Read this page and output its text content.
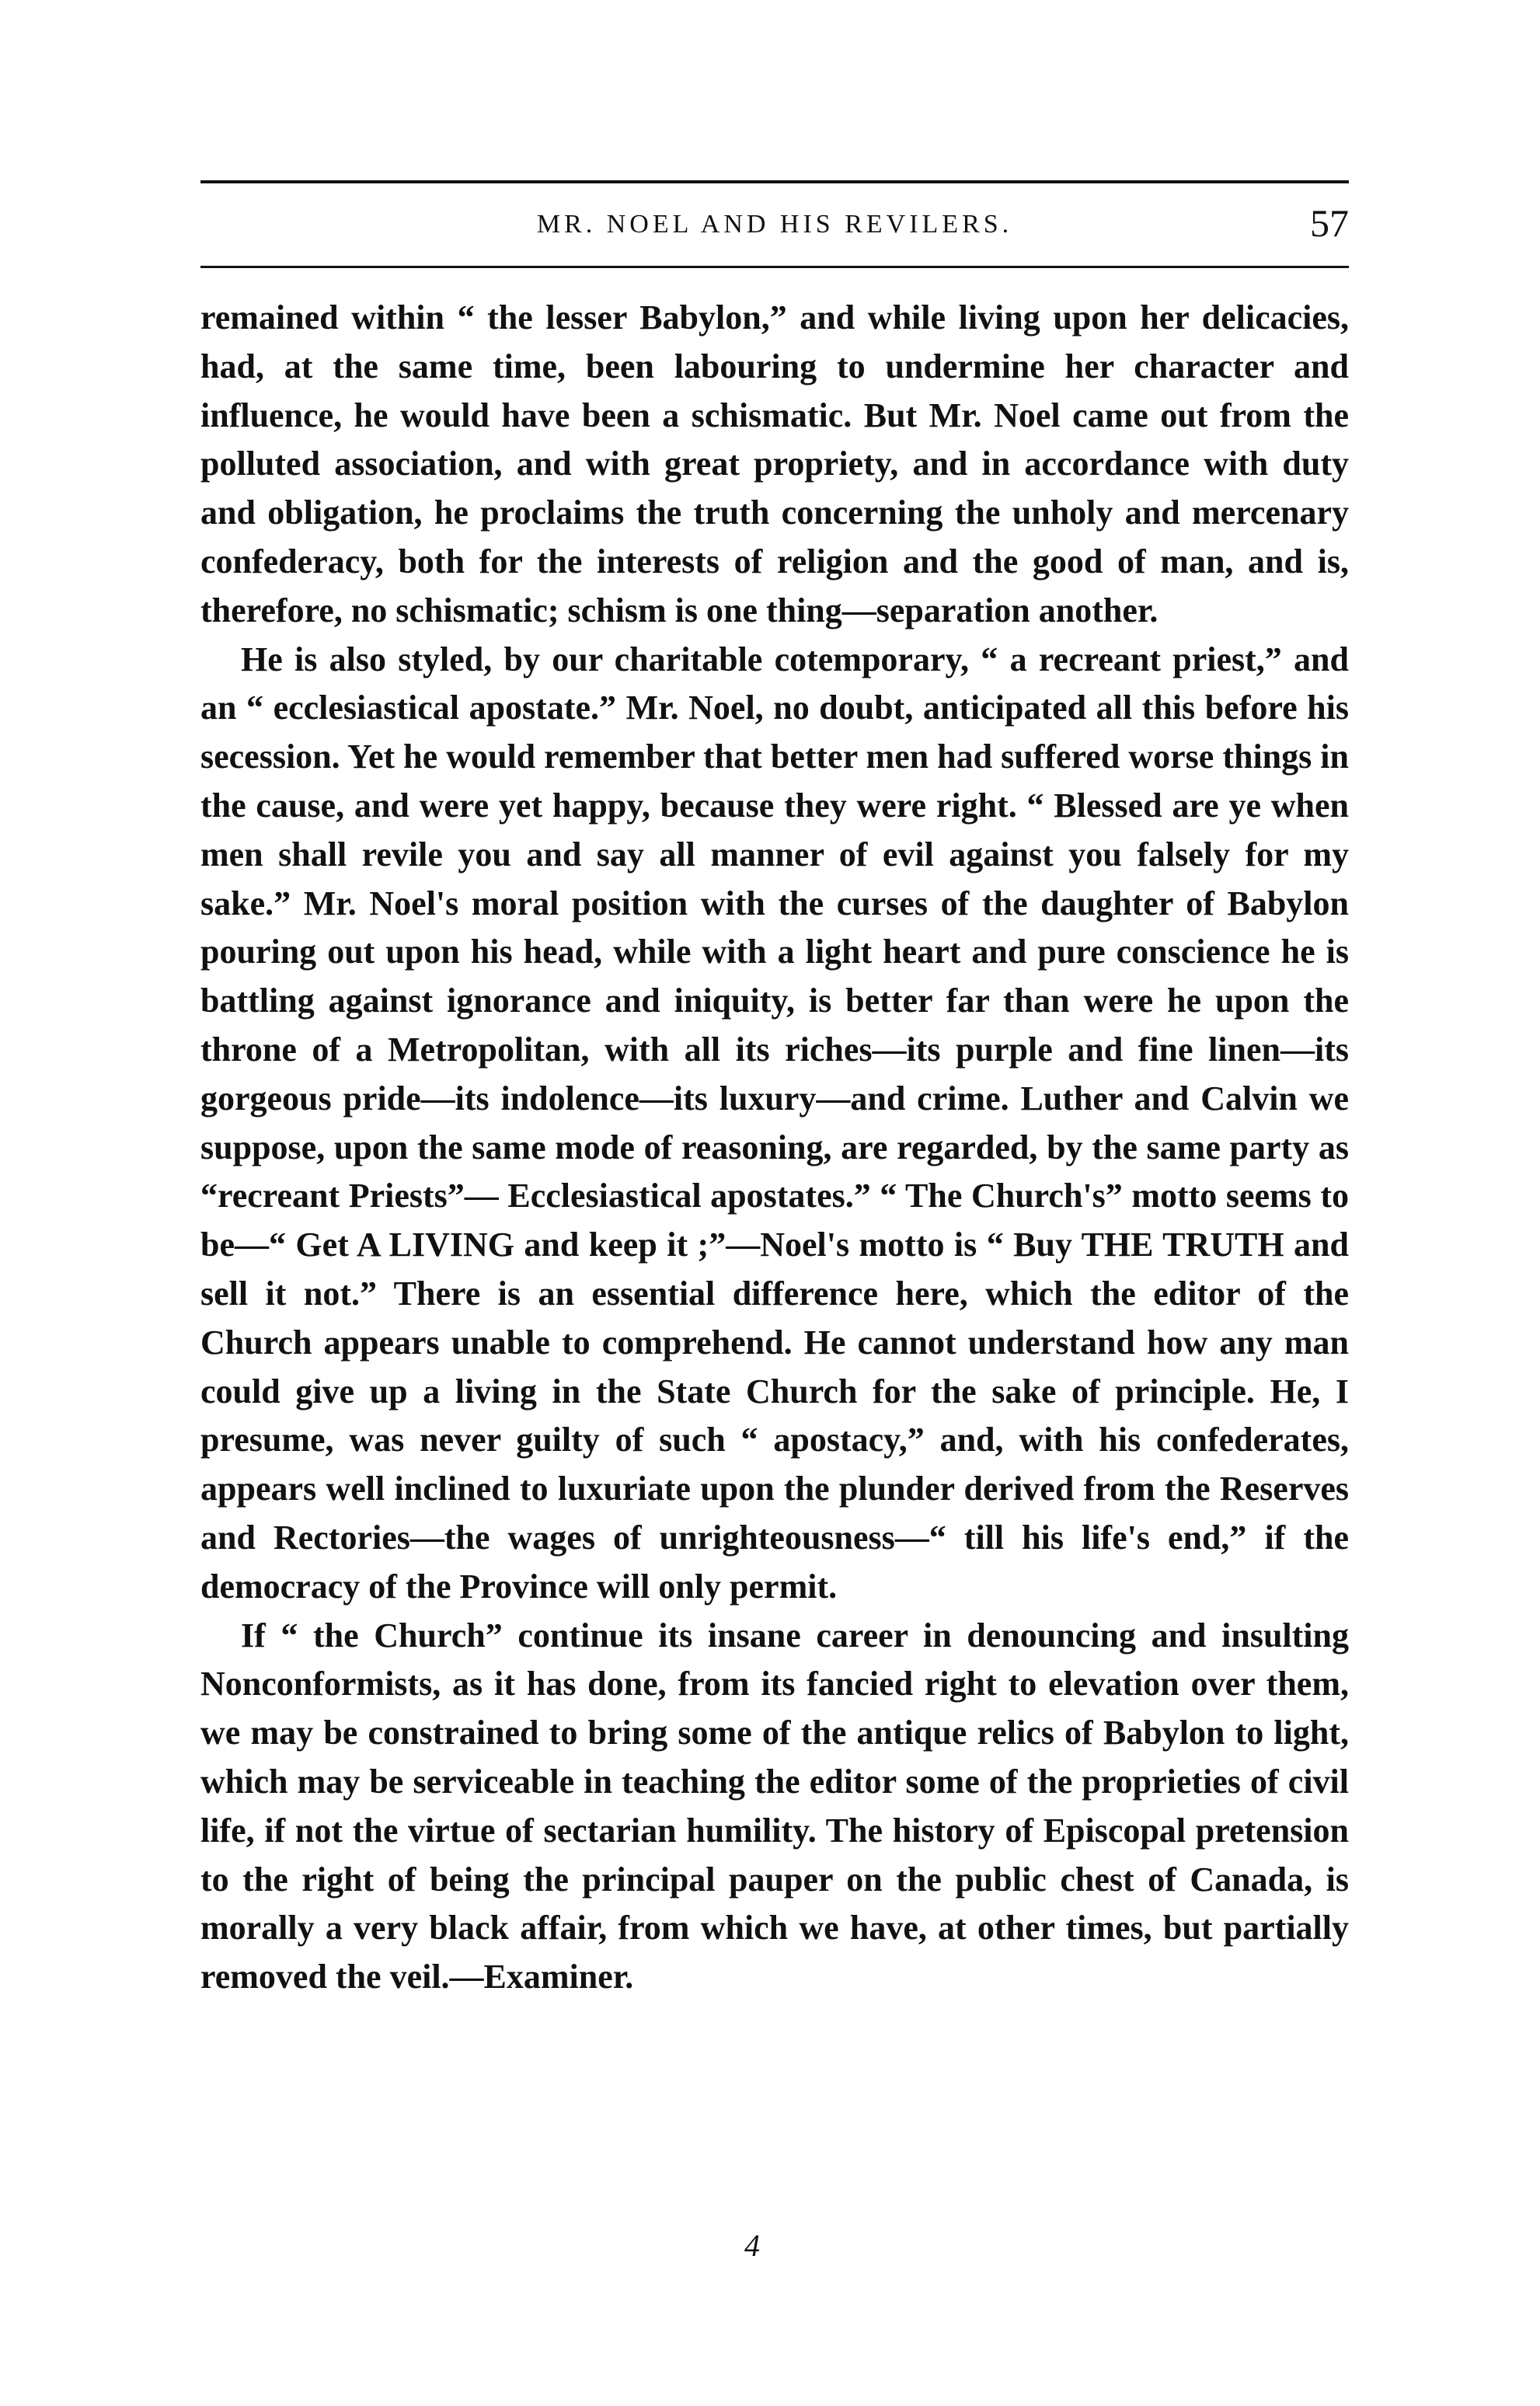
MR. NOEL AND HIS REVILERS.	57

remained within “ the lesser Babylon,” and while living upon her delicacies, had, at the same time, been labouring to undermine her character and influence, he would have been a schismatic. But Mr. Noel came out from the polluted association, and with great propriety, and in accordance with duty and obligation, he proclaims the truth concerning the unholy and mercenary confederacy, both for the interests of religion and the good of man, and is, therefore, no schismatic; schism is one thing—separation another.

He is also styled, by our charitable cotemporary, “ a recreant priest,” and an “ ecclesiastical apostate.” Mr. Noel, no doubt, anticipated all this before his secession. Yet he would remember that better men had suffered worse things in the cause, and were yet happy, because they were right. “ Blessed are ye when men shall revile you and say all manner of evil against you falsely for my sake.” Mr. Noel's moral position with the curses of the daughter of Babylon pouring out upon his head, while with a light heart and pure conscience he is battling against ignorance and iniquity, is better far than were he upon the throne of a Metropolitan, with all its riches—its purple and fine linen—its gorgeous pride—its indolence—its luxury—and crime. Luther and Calvin we suppose, upon the same mode of reasoning, are regarded, by the same party as “recreant Priests”— Ecclesiastical apostates.” “ The Church's” motto seems to be—“ Get A LIVING and keep it ;”—Noel's motto is “ Buy THE TRUTH and sell it not.” There is an essential difference here, which the editor of the Church appears unable to comprehend. He cannot understand how any man could give up a living in the State Church for the sake of principle. He, I presume, was never guilty of such “ apostacy,” and, with his confederates, appears well inclined to luxuriate upon the plunder derived from the Reserves and Rectories—the wages of unrighteousness—“ till his life's end,” if the democracy of the Province will only permit.

If “ the Church” continue its insane career in denouncing and insulting Nonconformists, as it has done, from its fancied right to elevation over them, we may be constrained to bring some of the antique relics of Babylon to light, which may be serviceable in teaching the editor some of the proprieties of civil life, if not the virtue of sectarian humility. The history of Episcopal pretension to the right of being the principal pauper on the public chest of Canada, is morally a very black affair, from which we have, at other times, but partially removed the veil.—Examiner.

4
